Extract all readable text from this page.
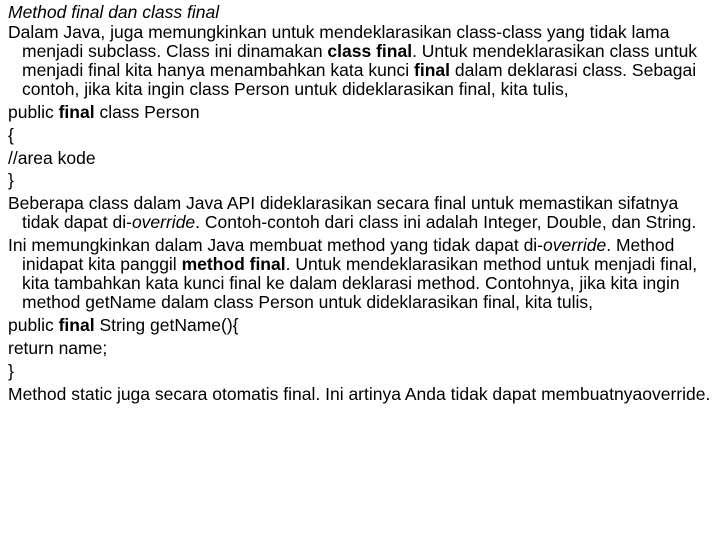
Method final dan class final

Dalam Java, juga memungkinkan untuk mendeklarasikan class-class yang tidak lama menjadi subclass. Class ini dinamakan class final. Untuk mendeklarasikan class untuk menjadi final kita hanya menambahkan kata kunci final dalam deklarasi class. Sebagai contoh, jika kita ingin class Person untuk dideklarasikan final, kita tulis,

public final class Person

{

//area kode

}

Beberapa class dalam Java API dideklarasikan secara final untuk memastikan sifatnya tidak dapat di-override. Contoh-contoh dari class ini adalah Integer, Double, dan String.

Ini memungkinkan dalam Java membuat method yang tidak dapat di-override. Method inidapat kita panggil method final. Untuk mendeklarasikan method untuk menjadi final, kita tambahkan kata kunci final ke dalam deklarasi method. Contohnya, jika kita ingin method getName dalam class Person untuk dideklarasikan final, kita tulis,

public final String getName(){

return name;

}

Method static juga secara otomatis final. Ini artinya Anda tidak dapat membuatnyaoverride.
